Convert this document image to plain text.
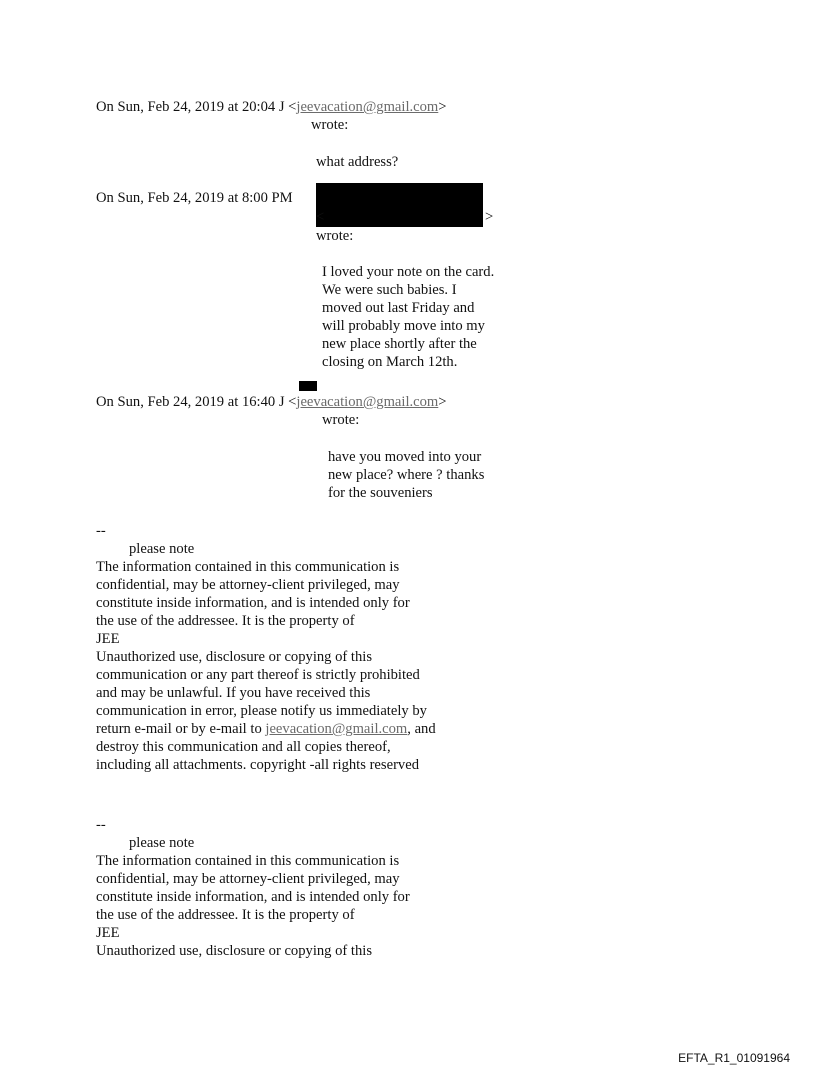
On Sun, Feb 24, 2019 at 20:04 J <jeevacation@gmail.com>
wrote:
what address?
On Sun, Feb 24, 2019 at 8:00 PM
<	>
wrote:
I loved your note on the card.
We were such babies. I
moved out last Friday and
will probably move into my
new place shortly after the
closing on March 12th.
On Sun, Feb 24, 2019 at 16:40 J <jeevacation@gmail.com>
wrote:
have you moved into your
new place? where ? thanks
for the souveniers
--
please note
The information contained in this communication is
confidential, may be attorney-client privileged, may
constitute inside information, and is intended only for
the use of the addressee. It is the property of
JEE
Unauthorized use, disclosure or copying of this
communication or any part thereof is strictly prohibited
and may be unlawful. If you have received this
communication in error, please notify us immediately by
return e-mail or by e-mail to jeevacation@gmail.com, and
destroy this communication and all copies thereof,
including all attachments. copyright -all rights reserved
--
please note
The information contained in this communication is
confidential, may be attorney-client privileged, may
constitute inside information, and is intended only for
the use of the addressee. It is the property of
JEE
Unauthorized use, disclosure or copying of this
EFTA_R1_01091964
